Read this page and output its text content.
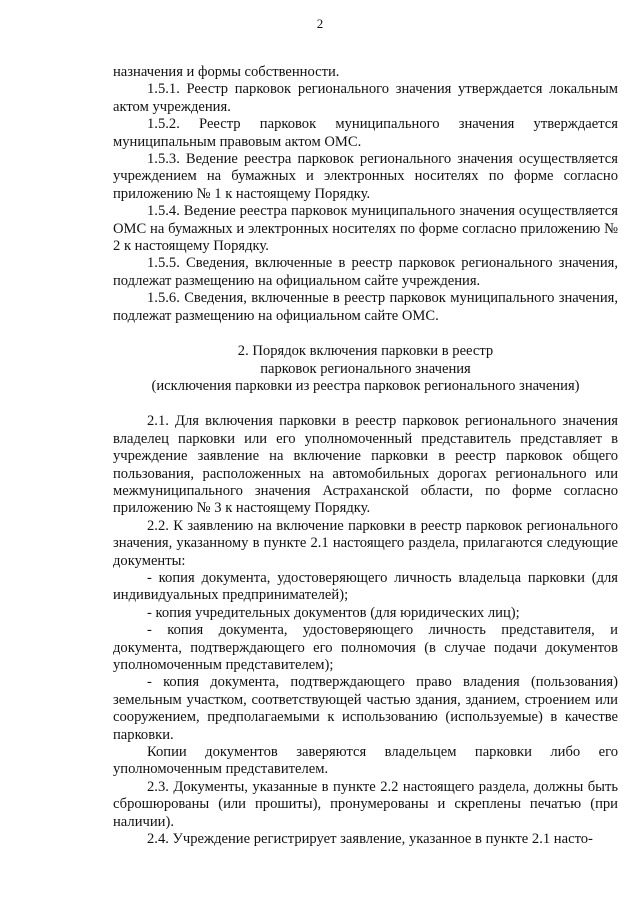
2

назначения и формы собственности.

1.5.1. Реестр парковок регионального значения утверждается локальным актом учреждения.

1.5.2. Реестр парковок муниципального значения утверждается муниципальным правовым актом ОМС.

1.5.3. Ведение реестра парковок регионального значения осуществляется учреждением на бумажных и электронных носителях по форме согласно приложению № 1 к настоящему Порядку.

1.5.4. Ведение реестра парковок муниципального значения осуществляется ОМС на бумажных и электронных носителях по форме согласно приложению № 2 к настоящему Порядку.

1.5.5. Сведения, включенные в реестр парковок регионального значения, подлежат размещению на официальном сайте учреждения.

1.5.6. Сведения, включенные в реестр парковок муниципального значения, подлежат размещению на официальном сайте ОМС.

2. Порядок включения парковки в реестр
парковок регионального значения
(исключения парковки из реестра парковок регионального значения)

2.1. Для включения парковки в реестр парковок регионального значения владелец парковки или его уполномоченный представитель представляет в учреждение заявление на включение парковки в реестр парковок общего пользования, расположенных на автомобильных дорогах регионального или межмуниципального значения Астраханской области, по форме согласно приложению № 3 к настоящему Порядку.

2.2. К заявлению на включение парковки в реестр парковок регионального значения, указанному в пункте 2.1 настоящего раздела, прилагаются следующие документы:

- копия документа, удостоверяющего личность владельца парковки (для индивидуальных предпринимателей);

- копия учредительных документов (для юридических лиц);

- копия документа, удостоверяющего личность представителя, и документа, подтверждающего его полномочия (в случае подачи документов уполномоченным представителем);

- копия документа, подтверждающего право владения (пользования) земельным участком, соответствующей частью здания, зданием, строением или сооружением, предполагаемыми к использованию (используемые) в качестве парковки.

Копии документов заверяются владельцем парковки либо его уполномоченным представителем.

2.3. Документы, указанные в пункте 2.2 настоящего раздела, должны быть сброшюрованы (или прошиты), пронумерованы и скреплены печатью (при наличии).

2.4. Учреждение регистрирует заявление, указанное в пункте 2.1 насто-
